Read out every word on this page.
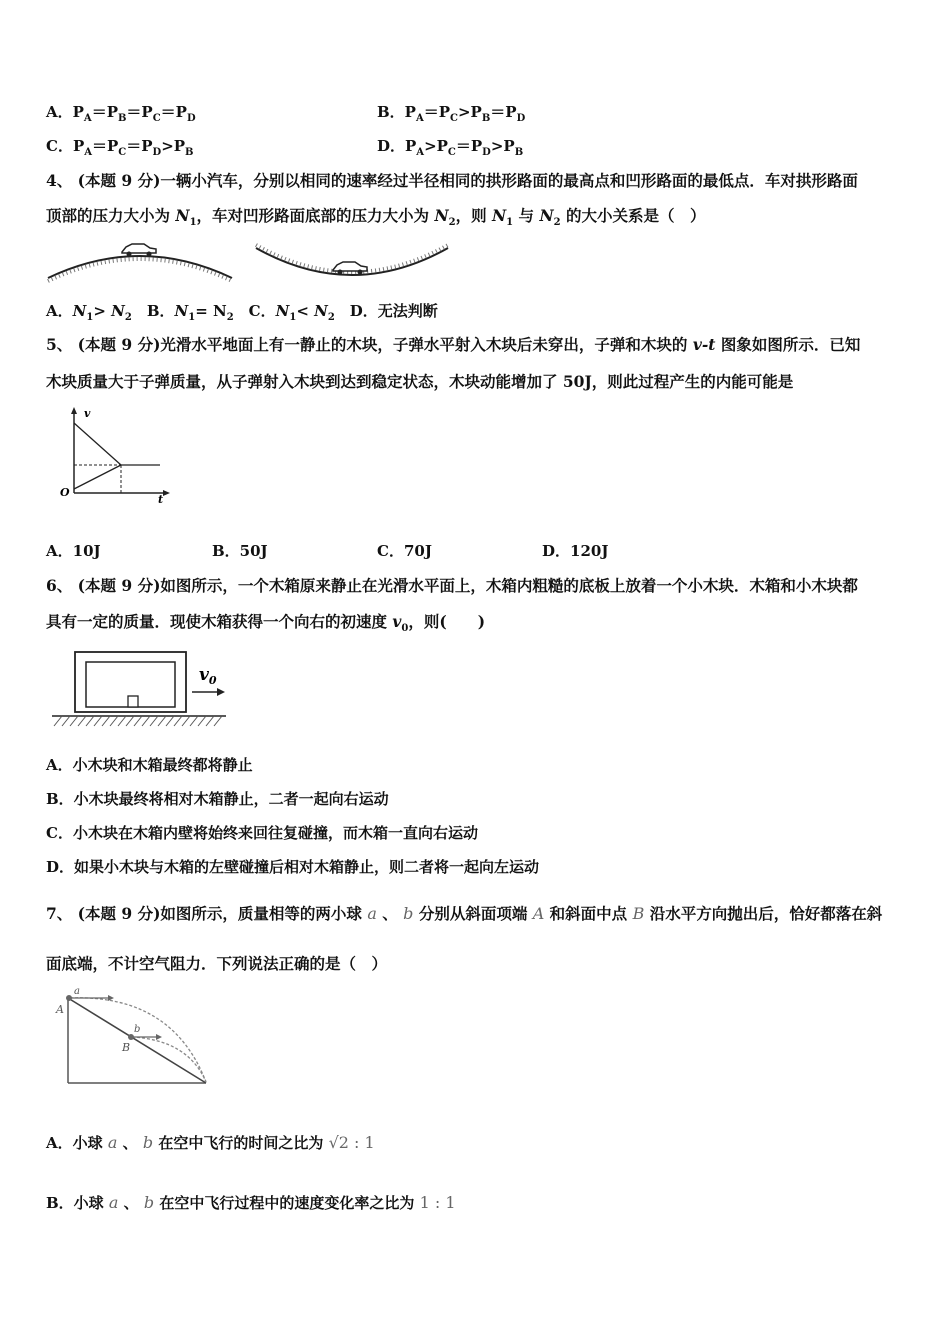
A．$P_A=P_B=P_C=P_D$	B．$P_A=P_C>P_B=P_D$
C．$P_A=P_C=P_D>P_B$	D．$P_A>P_C=P_D>P_B$
4、 (本题 9 分)一辆小汽车，分别以相同的速率经过半径相同的拱形路面的最高点和凹形路面的最低点．车对拱形路面
顶部的压力大小为 $N_1$，车对凹形路面底部的压力大小为 $N_2$，则 $N_1$ 与 $N_2$ 的大小关系是（　）
A．$N_1> N_2$　B．$N_1= N_2$　C．$N_1< N_2$　D．无法判断
5、 (本题 9 分)光滑水平地面上有一静止的木块，子弹水平射入木块后未穿出，子弹和木块的 v-t 图象如图所示．已知
木块质量大于子弹质量，从子弹射入木块到达到稳定状态，木块动能增加了 50J，则此过程产生的内能可能是
v
t
O
A．10J	B．50J	C．70J	D．120J
6、 (本题 9 分)如图所示，一个木箱原来静止在光滑水平面上，木箱内粗糙的底板上放着一个小木块．木箱和小木块都
具有一定的质量．现使木箱获得一个向右的初速度 $v_0$，则(　　)
$v_0$
A．小木块和木箱最终都将静止
B．小木块最终将相对木箱静止，二者一起向右运动
C．小木块在木箱内壁将始终来回往复碰撞，而木箱一直向右运动
D．如果小木块与木箱的左壁碰撞后相对木箱静止，则二者将一起向左运动
7、 (本题 9 分)如图所示，质量相等的两小球 a 、 b 分别从斜面项端 A 和斜面中点 B 沿水平方向抛出后，恰好都落在斜
面底端，不计空气阻力．下列说法正确的是（　）
a
b
A
B
A．小球 a 、 b 在空中飞行的时间之比为 √2 : 1
B．小球 a 、 b 在空中飞行过程中的速度变化率之比为 1 : 1
